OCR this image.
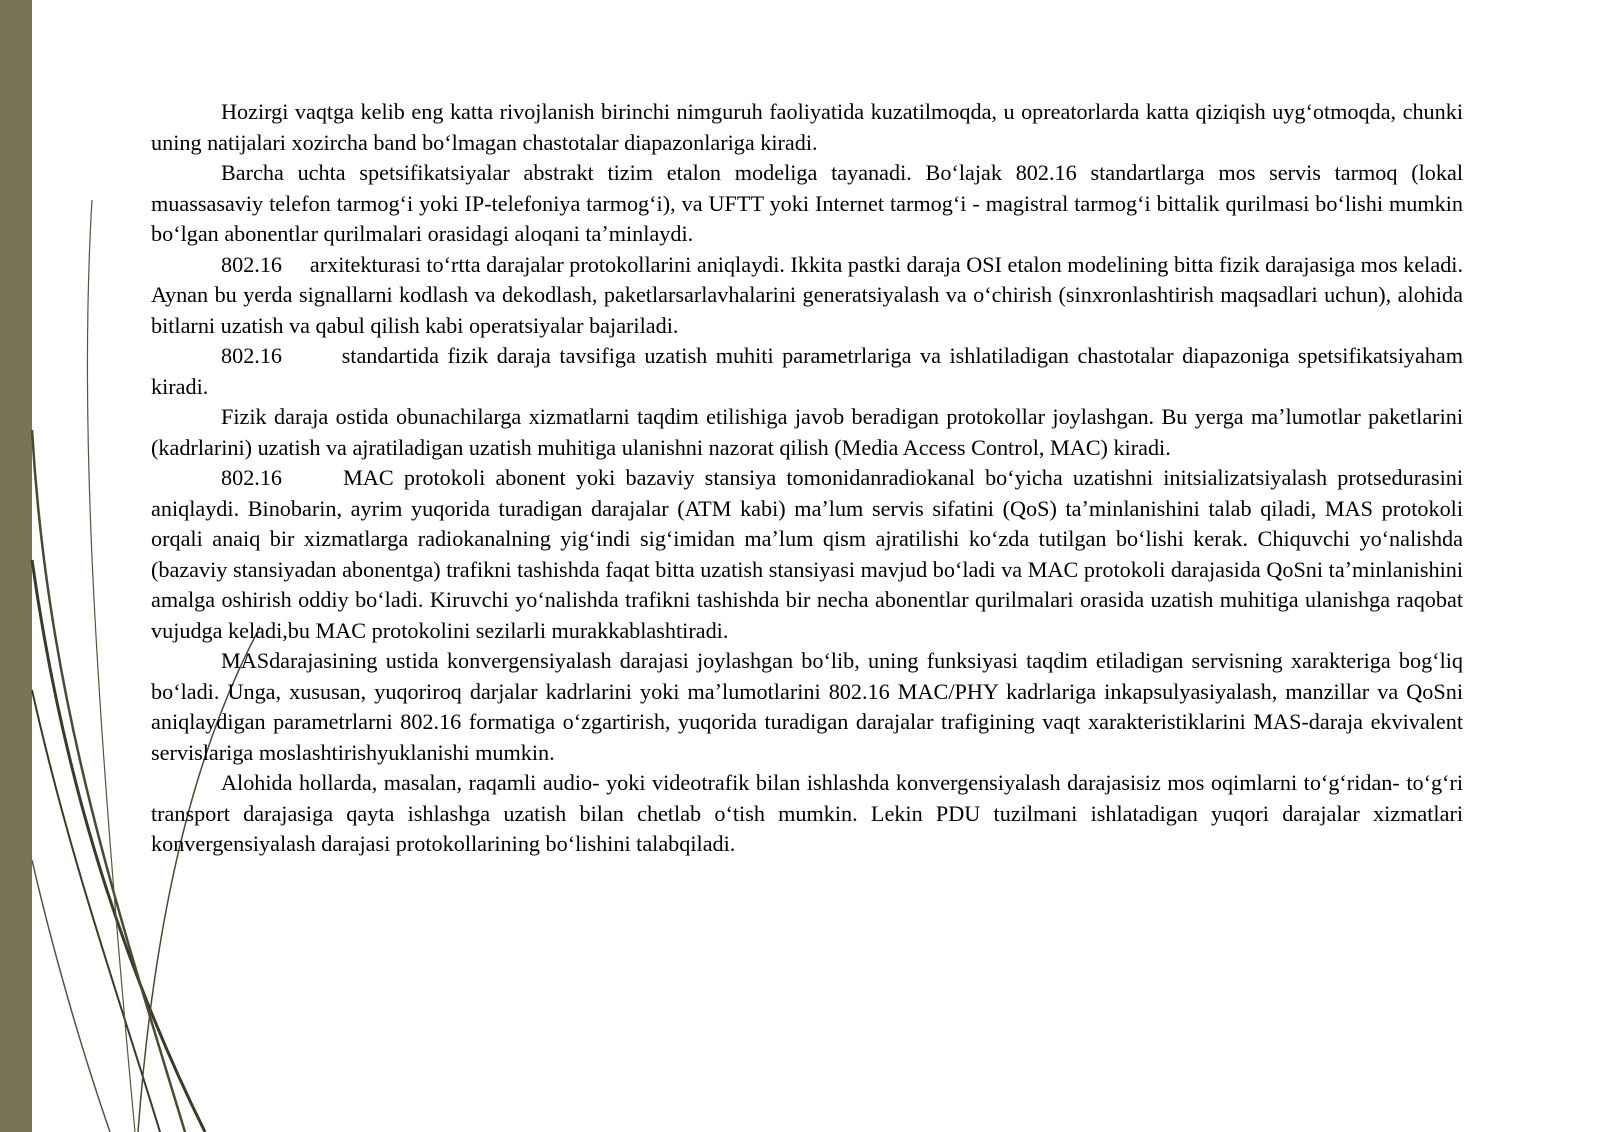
Hozirgi vaqtga kelib eng katta rivojlanish birinchi nimguruh faoliyatida kuzatilmoqda, u opreatorlarda katta qiziqish uygʻotmoqda, chunki uning natijalari xozircha band boʻlmagan chastotalar diapazonlariga kiradi.

Barcha uchta spetsifikatsiyalar abstrakt tizim etalon modeliga tayanadi. Boʻlajak 802.16 standartlarga mos servis tarmoq (lokal muassasaviy telefon tarmogʻi yoki IP-telefoniya tarmogʻi), va UFTT yoki Internet tarmogʻi - magistral tarmogʻi bittalik qurilmasi boʻlishi mumkin boʻlgan abonentlar qurilmalari orasidagi aloqani taʼminlaydi.

802.16     arxitekturasi toʻrtta darajalar protokollarini aniqlaydi. Ikkita pastki daraja OSI etalon modelining bitta fizik darajasiga mos keladi. Aynan bu yerda signallarni kodlash va dekodlash, paketlarsarlavhalarini generatsiyalash va oʻchirish (sinxronlashtirish maqsadlari uchun), alohida bitlarni uzatish va qabul qilish kabi operatsiyalar bajariladi.

802.16       standartida fizik daraja tavsifiga uzatish muhiti parametrlariga va ishlatiladigan chastotalar diapazoniga spetsifikatsiyaham kiradi.

Fizik daraja ostida obunachilarga xizmatlarni taqdim etilishiga javob beradigan protokollar joylashgan. Bu yerga maʼlumotlar paketlarini (kadrlarini) uzatish va ajratiladigan uzatish muhitiga ulanishni nazorat qilish (Media Access Control, MAC) kiradi.

802.16      MAC protokoli abonent yoki bazaviy stansiya tomonidanradiokanal boʻyicha uzatishni initsializatsiyalash protsedurasini aniqlaydi. Binobarin, ayrim yuqorida turadigan darajalar (ATM kabi) maʼlum servis sifatini (QoS) taʼminlanishini talab qiladi, MAS protokoli orqali anaiq bir xizmatlarga radiokanalning yigʻindi sigʻimidan maʼlum qism ajratilishi koʻzda tutilgan boʻlishi kerak. Chiquvchi yoʻnalishda (bazaviy stansiyadan abonentga) trafikni tashishda faqat bitta uzatish stansiyasi mavjud boʻladi va MAC protokoli darajasida QoSni taʼminlanishini amalga oshirish oddiy boʻladi. Kiruvchi yoʻnalishda trafikni tashishda bir necha abonentlar qurilmalari orasida uzatish muhitiga ulanishga raqobat vujudga keladi,bu MAC protokolini sezilarli murakkablashtiradi.

MASdarajasining ustida konvergensiyalash darajasi joylashgan boʻlib, uning funksiyasi taqdim etiladigan servisning xarakteriga bogʻliq boʻladi. Unga, xususan, yuqoriroq darjalar kadrlarini yoki maʼlumotlarini 802.16 MAC/PHY kadrlariga inkapsulyasiyalash, manzillar va QoSni aniqlaydigan parametrlarni 802.16 formatiga oʻzgartirish, yuqorida turadigan darajalar trafigining vaqt xarakteristiklarini MAS-daraja ekvivalent servislariga moslashtirishyuklanishi mumkin.

Alohida hollarda, masalan, raqamli audio- yoki videotrafik bilan ishlashda konvergensiyalash darajasisiz mos oqimlarni toʻgʻridan- toʻgʻri transport darajasiga qayta ishlashga uzatish bilan chetlab oʻtish mumkin. Lekin PDU tuzilmani ishlatadigan yuqori darajalar xizmatlari konvergensiyalash darajasi protokollarining boʻlishini talabqiladi.
